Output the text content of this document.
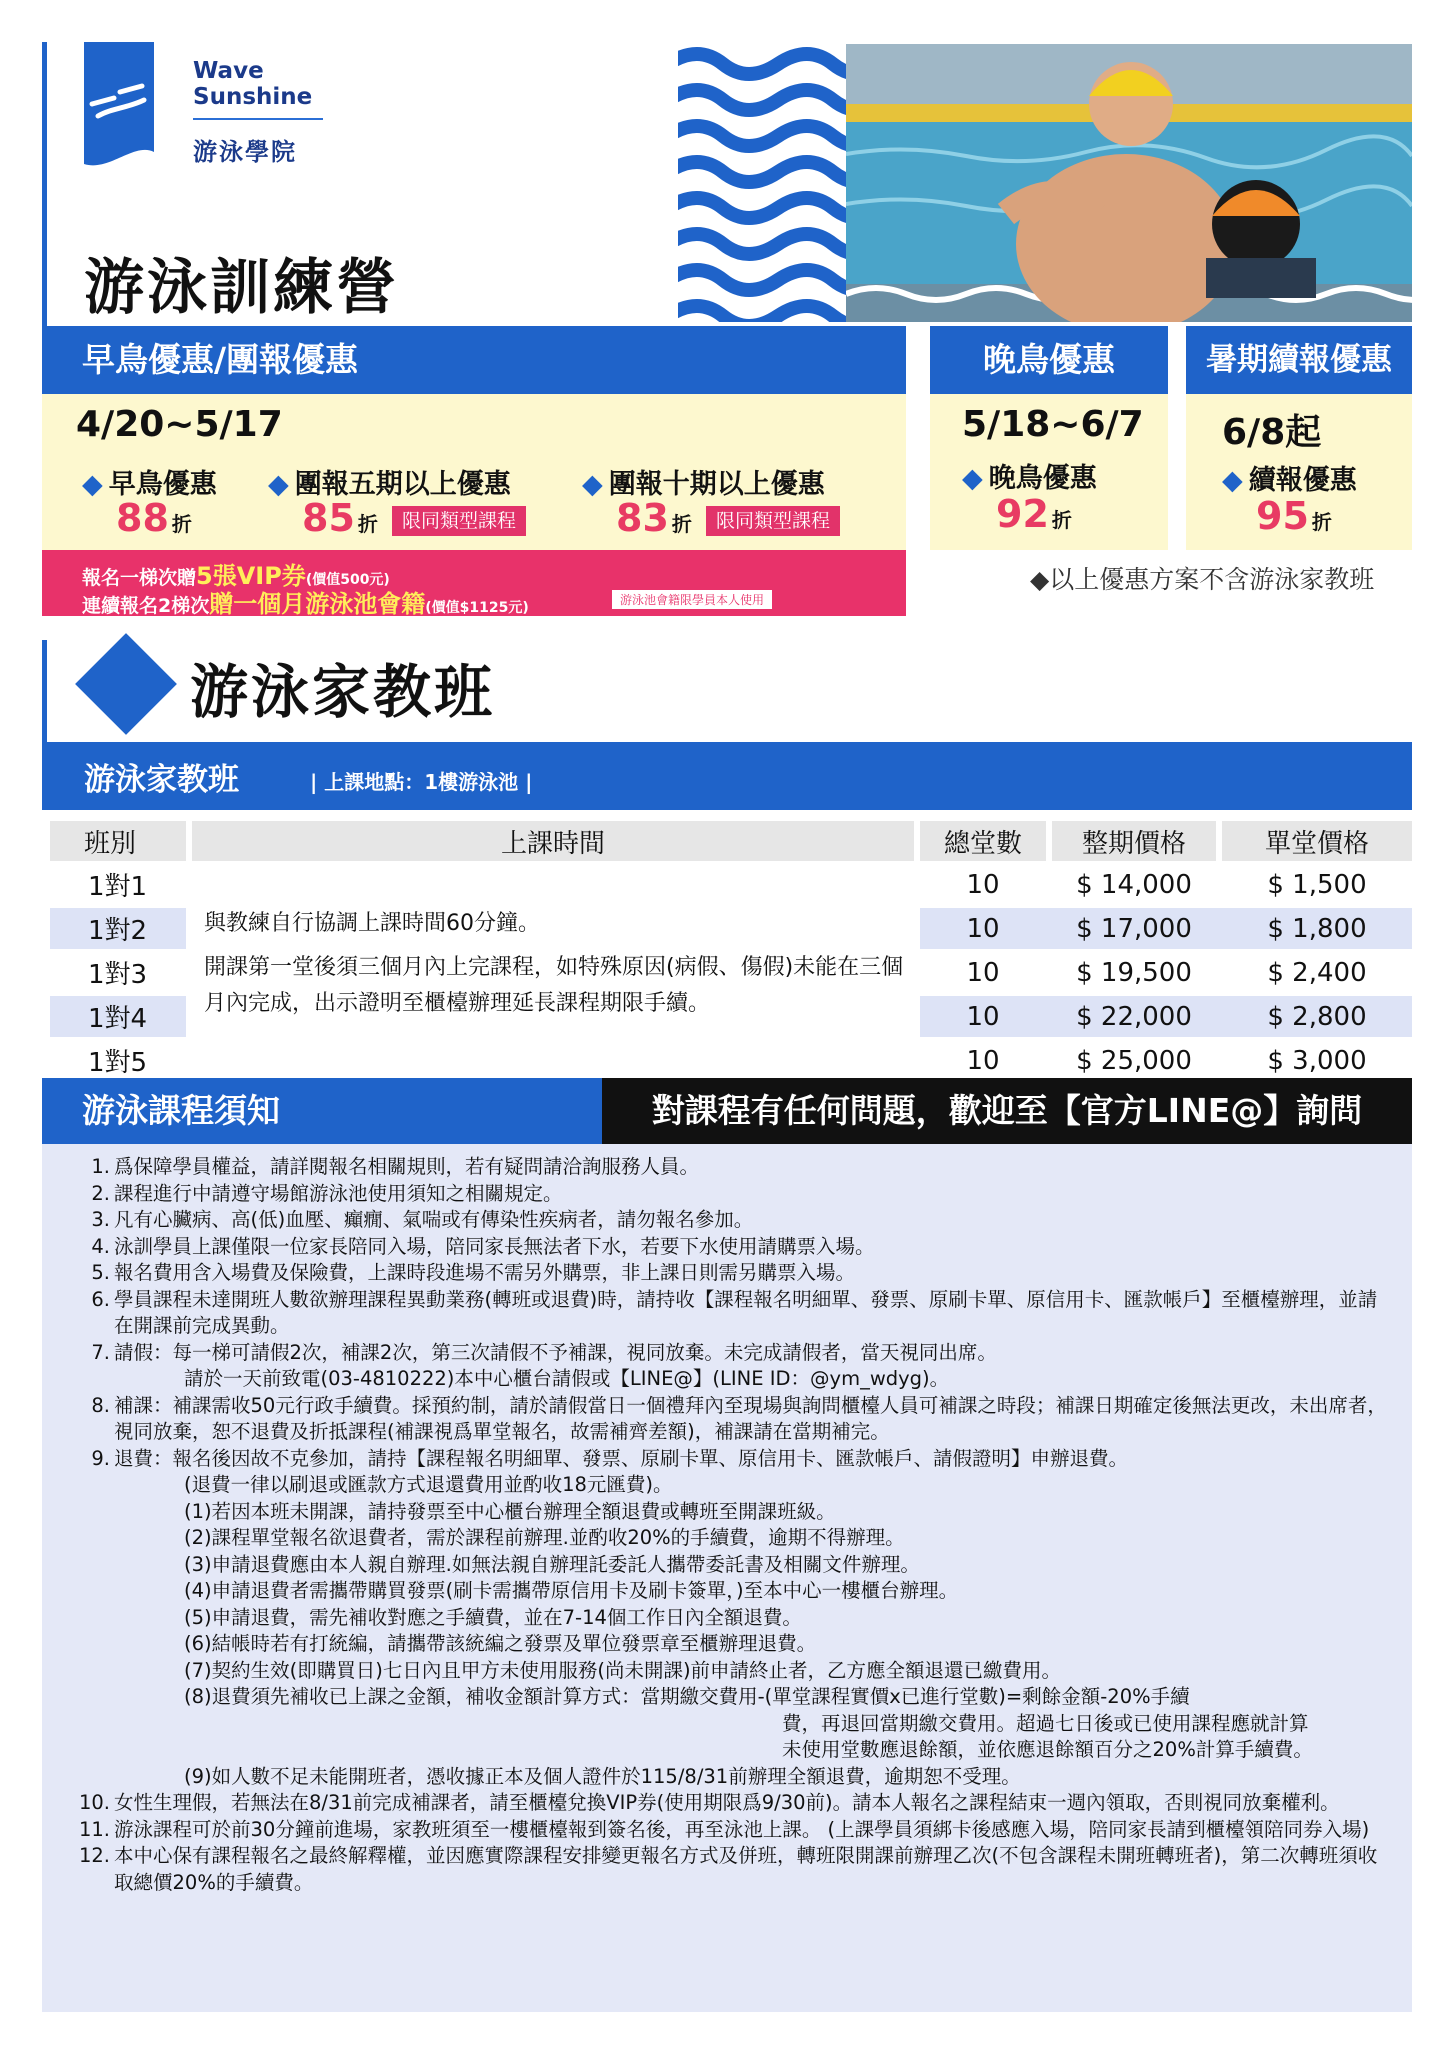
Wave
Sunshine
游泳學院
游泳訓練營
早鳥優惠/團報優惠
4/20~5/17
◆ 早鳥優惠
88 折
◆ 團報五期以上優惠
85 折	限同類型課程
◆ 團報十期以上優惠
83 折	限同類型課程
報名一梯次贈5張VIP券(價值500元)
連續報名2梯次贈一個月游泳池會籍(價值$1125元)	游泳池會籍限學員本人使用
晚鳥優惠
5/18~6/7
◆ 晚鳥優惠
92 折
暑期續報優惠
6/8起
◆ 續報優惠
95 折
◆以上優惠方案不含游泳家教班
游泳家教班
游泳家教班	| 上課地點：1樓游泳池 |
班別	上課時間	總堂數	整期價格	單堂價格
1對1		10	$ 14,000	$ 1,500
1對2		10	$ 17,000	$ 1,800
1對3		10	$ 19,500	$ 2,400
1對4		10	$ 22,000	$ 2,800
1對5		10	$ 25,000	$ 3,000
與教練自行協調上課時間60分鐘。
開課第一堂後須三個月內上完課程，如特殊原因(病假、傷假)未能在三個月內完成，出示證明至櫃檯辦理延長課程期限手續。
游泳課程須知	對課程有任何問題，歡迎至【官方LINE@】詢問
1. 爲保障學員權益，請詳閱報名相關規則，若有疑問請洽詢服務人員。
2. 課程進行中請遵守場館游泳池使用須知之相關規定。
3. 凡有心臟病、高(低)血壓、癲癇、氣喘或有傳染性疾病者，請勿報名參加。
4. 泳訓學員上課僅限一位家長陪同入場，陪同家長無法者下水，若要下水使用請購票入場。
5. 報名費用含入場費及保險費，上課時段進場不需另外購票，非上課日則需另購票入場。
6. 學員課程未達開班人數欲辦理課程異動業務(轉班或退費)時，請持收【課程報名明細單、發票、原刷卡單、原信用卡、匯款帳戶】至櫃檯辦理，並請在開課前完成異動。
7. 請假：每一梯可請假2次，補課2次，第三次請假不予補課，視同放棄。未完成請假者，當天視同出席。
請於一天前致電(03-4810222)本中心櫃台請假或【LINE@】(LINE ID：@ym_wdyg)。
8. 補課：補課需收50元行政手續費。採預約制，請於請假當日一個禮拜內至現場與詢問櫃檯人員可補課之時段；補課日期確定後無法更改，未出席者，視同放棄，恕不退費及折抵課程(補課視爲單堂報名，故需補齊差額)，補課請在當期補完。
9. 退費：報名後因故不克參加，請持【課程報名明細單、發票、原刷卡單、原信用卡、匯款帳戶、請假證明】申辦退費。
(退費一律以刷退或匯款方式退還費用並酌收18元匯費)。
(1)若因本班未開課，請持發票至中心櫃台辦理全額退費或轉班至開課班級。
(2)課程單堂報名欲退費者，需於課程前辦理.並酌收20%的手續費，逾期不得辦理。
(3)申請退費應由本人親自辦理.如無法親自辦理託委託人攜帶委託書及相關文件辦理。
(4)申請退費者需攜帶購買發票(刷卡需攜帶原信用卡及刷卡簽單，)至本中心一樓櫃台辦理。
(5)申請退費，需先補收對應之手續費，並在7-14個工作日內全額退費。
(6)結帳時若有打統編，請攜帶該統編之發票及單位發票章至櫃辦理退費。
(7)契約生效(即購買日)七日內且甲方未使用服務(尚未開課)前申請終止者，乙方應全額退還已繳費用。
(8)退費須先補收已上課之金額，補收金額計算方式：當期繳交費用-(單堂課程實價x已進行堂數)=剩餘金額-20%手續
費，再退回當期繳交費用。超過七日後或已使用課程應就計算
未使用堂數應退餘額，並依應退餘額百分之20%計算手續費。
(9)如人數不足未能開班者，憑收據正本及個人證件於115/8/31前辦理全額退費，逾期恕不受理。
10. 女性生理假，若無法在8/31前完成補課者，請至櫃檯兌換VIP券(使用期限爲9/30前)。請本人報名之課程結束一週內領取，否則視同放棄權利。
11. 游泳課程可於前30分鐘前進場，家教班須至一樓櫃檯報到簽名後，再至泳池上課。 (上課學員須綁卡後感應入場，陪同家長請到櫃檯領陪同券入場)
12. 本中心保有課程報名之最終解釋權，並因應實際課程安排變更報名方式及併班，轉班限開課前辦理乙次(不包含課程未開班轉班者)，第二次轉班須收取總價20%的手續費。
